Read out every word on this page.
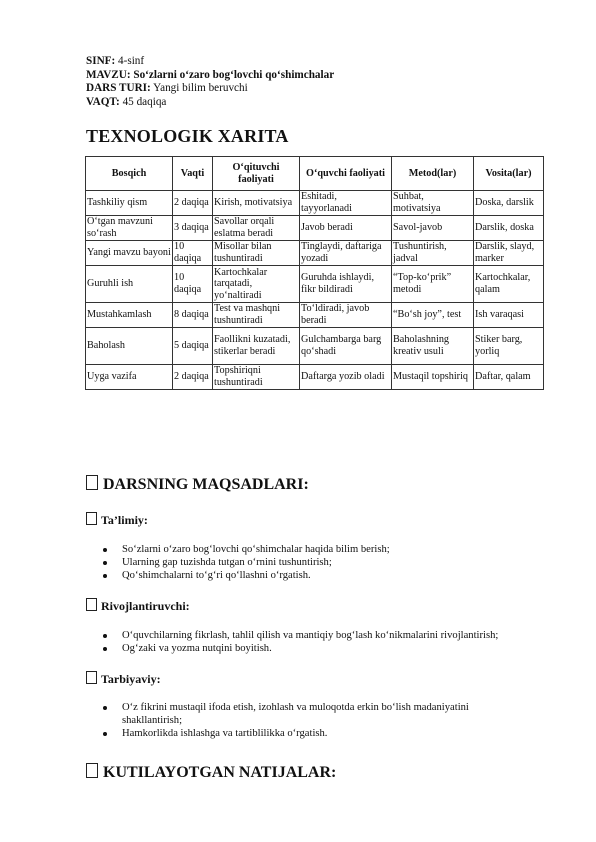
SINF: 4-sinf
MAVZU: So‘zlarni o‘zaro bog‘lovchi qo‘shimchalar
DARS TURI: Yangi bilim beruvchi
VAQT: 45 daqiqa
TEXNOLOGIK XARITA
Bosqich	Vaqti	O‘qituvchi faoliyati	O‘quvchi faoliyati	Metod(lar)	Vosita(lar)
Tashkiliy qism	2 daqiqa	Kirish, motivatsiya	Eshitadi, tayyorlanadi	Suhbat, motivatsiya	Doska, darslik
O‘tgan mavzuni so‘rash	3 daqiqa	Savollar orqali eslatma beradi	Javob beradi	Savol-javob	Darslik, doska
Yangi mavzu bayoni	10 daqiqa	Misollar bilan tushuntiradi	Tinglaydi, daftariga yozadi	Tushuntirish, jadval	Darslik, slayd, marker
Guruhli ish	10 daqiqa	Kartochkalar tarqatadi, yo‘naltiradi	Guruhda ishlaydi, fikr bildiradi	“Top-ko‘prik” metodi	Kartochkalar, qalam
Mustahkamlash	8 daqiqa	Test va mashqni tushuntiradi	To‘ldiradi, javob beradi	“Bo‘sh joy”, test	Ish varaqasi
Baholash	5 daqiqa	Faollikni kuzatadi, stikerlar beradi	Gulchambarga barg qo‘shadi	Baholashning kreativ usuli	Stiker barg, yorliq
Uyga vazifa	2 daqiqa	Topshiriqni tushuntiradi	Daftarga yozib oladi	Mustaqil topshiriq	Daftar, qalam
DARSNING MAQSADLARI:
Ta’limiy:
So‘zlarni o‘zaro bog‘lovchi qo‘shimchalar haqida bilim berish;
Ularning gap tuzishda tutgan o‘rnini tushuntirish;
Qo‘shimchalarni to‘g‘ri qo‘llashni o‘rgatish.
Rivojlantiruvchi:
O‘quvchilarning fikrlash, tahlil qilish va mantiqiy bog‘lash ko‘nikmalarini rivojlantirish;
Og‘zaki va yozma nutqini boyitish.
Tarbiyaviy:
O‘z fikrini mustaqil ifoda etish, izohlash va muloqotda erkin bo‘lish madaniyatini shakllantirish;
Hamkorlikda ishlashga va tartiblilikka o‘rgatish.
KUTILAYOTGAN NATIJALAR:
